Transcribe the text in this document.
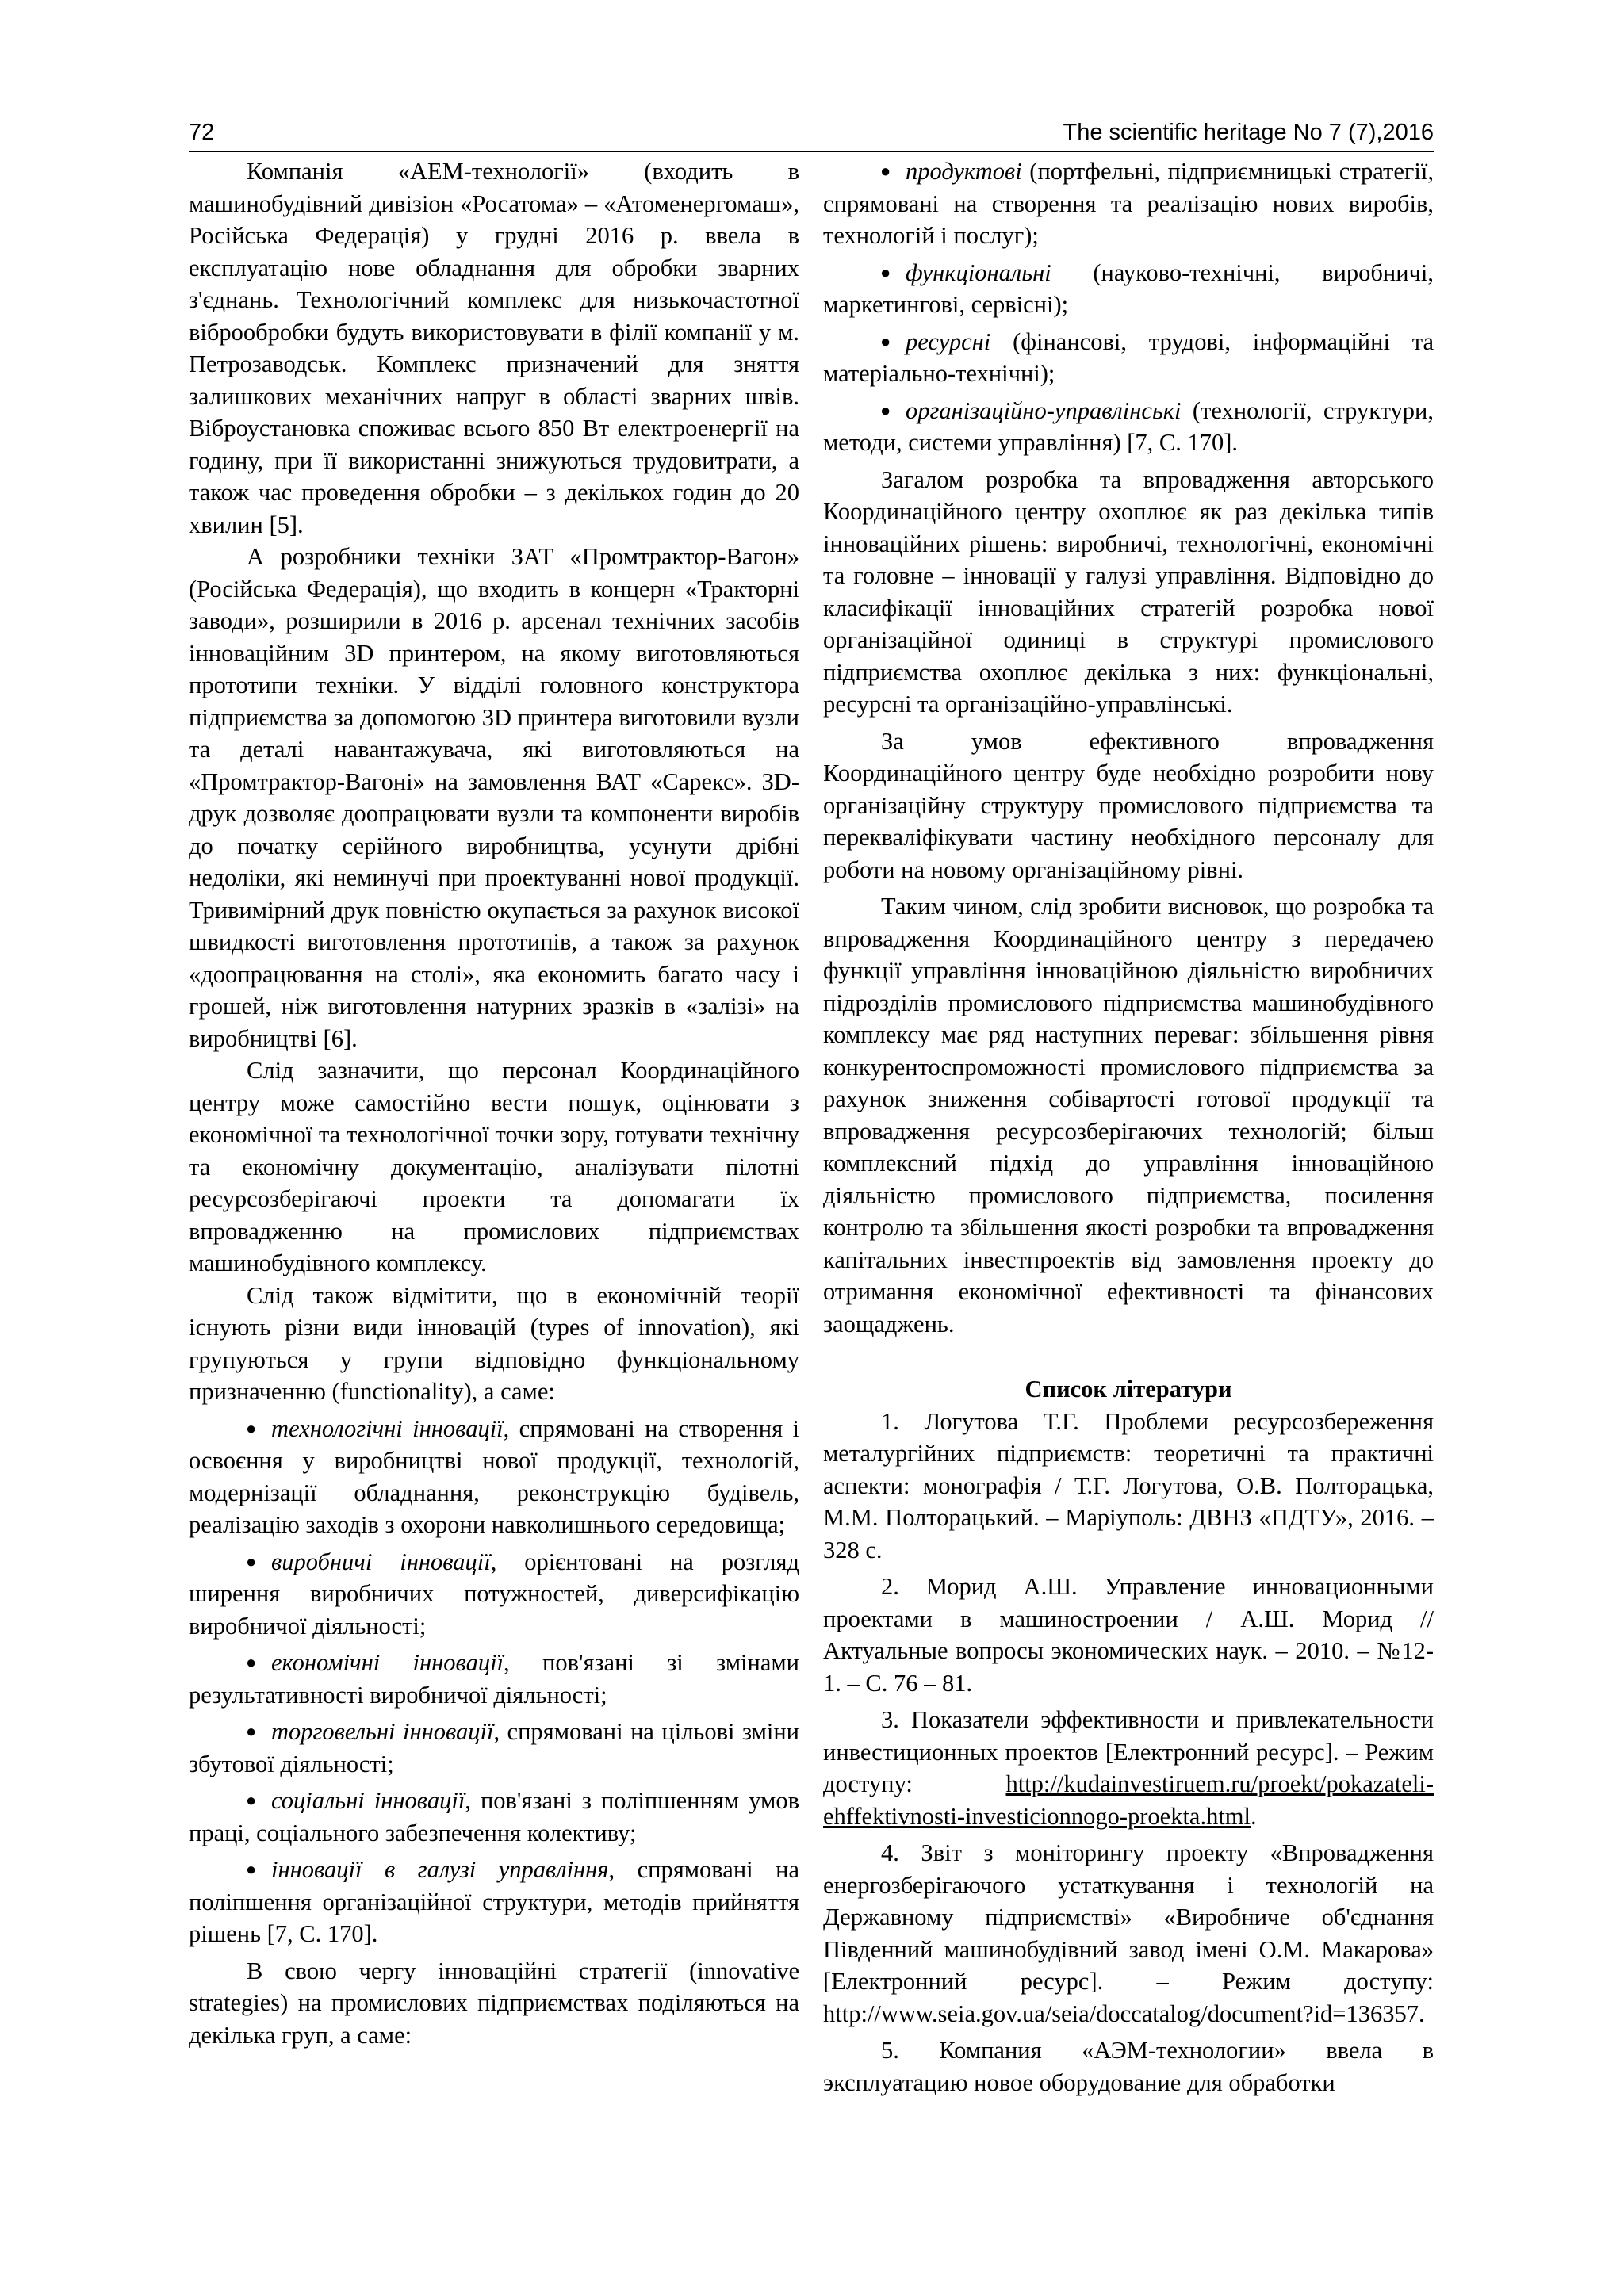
72	The scientific heritage No 7 (7),2016

Компанія «АЕМ-технології» (входить в машинобудівний дивізіон «Росатома» – «Атоменергомаш», Російська Федерація) у грудні 2016 р. ввела в експлуатацію нове обладнання для обробки зварних з'єднань. Технологічний комплекс для низькочастотної віброобробки будуть використовувати в філії компанії у м. Петрозаводськ. Комплекс призначений для зняття залишкових механічних напруг в області зварних швів. Віброустановка споживає всього 850 Вт електроенергії на годину, при її використанні знижуються трудовитрати, а також час проведення обробки – з декількох годин до 20 хвилин [5].

А розробники техніки ЗАТ «Промтрактор-Вагон» (Російська Федерація), що входить в концерн «Тракторні заводи», розширили в 2016 р. арсенал технічних засобів інноваційним 3D принтером, на якому виготовляються прототипи техніки. У відділі головного конструктора підприємства за допомогою 3D принтера виготовили вузли та деталі навантажувача, які виготовляються на «Промтрактор-Вагоні» на замовлення ВАТ «Сарекс». 3D-друк дозволяє доопрацювати вузли та компоненти виробів до початку серійного виробництва, усунути дрібні недоліки, які неминучі при проектуванні нової продукції. Тривимірний друк повністю окупається за рахунок високої швидкості виготовлення прототипів, а також за рахунок «доопрацювання на столі», яка економить багато часу і грошей, ніж виготовлення натурних зразків в «залізі» на виробництві [6].

Слід зазначити, що персонал Координаційного центру може самостійно вести пошук, оцінювати з економічної та технологічної точки зору, готувати технічну та економічну документацію, аналізувати пілотні ресурсозберігаючі проекти та допомагати їх впровадженню на промислових підприємствах машинобудівного комплексу.

Слід також відмітити, що в економічній теорії існують різни види інновацій (types of innovation), які групуються у групи відповідно функціональному призначенню (functionality), а саме:

● технологічні інновації, спрямовані на створення і освоєння у виробництві нової продукції, технологій, модернізації обладнання, реконструкцію будівель, реалізацію заходів з охорони навколишнього середовища;
● виробничі інновації, орієнтовані на розгляд ширення виробничих потужностей, диверсифікацію виробничої діяльності;
● економічні інновації, пов'язані зі змінами результативності виробничої діяльності;
● торговельні інновації, спрямовані на цільові зміни збутової діяльності;
● соціальні інновації, пов'язані з поліпшенням умов праці, соціального забезпечення колективу;
● інновації в галузі управління, спрямовані на поліпшення організаційної структури, методів прийняття рішень [7, С. 170].

В свою чергу інноваційні стратегії (innovative strategies) на промислових підприємствах поділяються на декілька груп, а саме:

● продуктові (портфельні, підприємницькі стратегії, спрямовані на створення та реалізацію нових виробів, технологій і послуг);
● функціональні (науково-технічні, виробничі, маркетингові, сервісні);
● ресурсні (фінансові, трудові, інформаційні та матеріально-технічні);
● організаційно-управлінські (технології, структури, методи, системи управління) [7, С. 170].

Загалом розробка та впровадження авторського Координаційного центру охоплює як раз декілька типів інноваційних рішень: виробничі, технологічні, економічні та головне – інновації у галузі управління. Відповідно до класифікації інноваційних стратегій розробка нової організаційної одиниці в структурі промислового підприємства охоплює декілька з них: функціональні, ресурсні та організаційно-управлінські.

За умов ефективного впровадження Координаційного центру буде необхідно розробити нову організаційну структуру промислового підприємства та перекваліфікувати частину необхідного персоналу для роботи на новому організаційному рівні.

Таким чином, слід зробити висновок, що розробка та впровадження Координаційного центру з передачею функції управління інноваційною діяльністю виробничих підрозділів промислового підприємства машинобудівного комплексу має ряд наступних переваг: збільшення рівня конкурентоспроможності промислового підприємства за рахунок зниження собівартості готової продукції та впровадження ресурсозберігаючих технологій; більш комплексний підхід до управління інноваційною діяльністю промислового підприємства, посилення контролю та збільшення якості розробки та впровадження капітальних інвестпроектів від замовлення проекту до отримання економічної ефективності та фінансових заощаджень.

Список літератури

1. Логутова Т.Г. Проблеми ресурсозбереження металургійних підприємств: теоретичні та практичні аспекти: монографія / Т.Г. Логутова, О.В. Полторацька, М.М. Полторацький. – Маріуполь: ДВНЗ «ПДТУ», 2016. – 328 с.

2. Морид А.Ш. Управление инновационными проектами в машиностроении / А.Ш. Морид // Актуальные вопросы экономических наук. – 2010. – №12-1. – С. 76 – 81.

3. Показатели эффективности и привлекательности инвестиционных проектов [Електронний ресурс]. – Режим доступу: http://kudainvestiruem.ru/proekt/pokazateli-ehffektivnosti-investicionnogo-proekta.html.

4. Звіт з моніторингу проекту «Впровадження енергозберігаючого устаткування і технологій на Державному підприємстві» «Виробниче об'єднання Південний машинобудівний завод імені О.М. Макарова» [Електронний ресурс]. – Режим доступу: http://www.seia.gov.ua/seia/doccatalog/document?id=136357.

5. Компания «АЭМ-технологии» ввела в эксплуатацию новое оборудование для обработки
